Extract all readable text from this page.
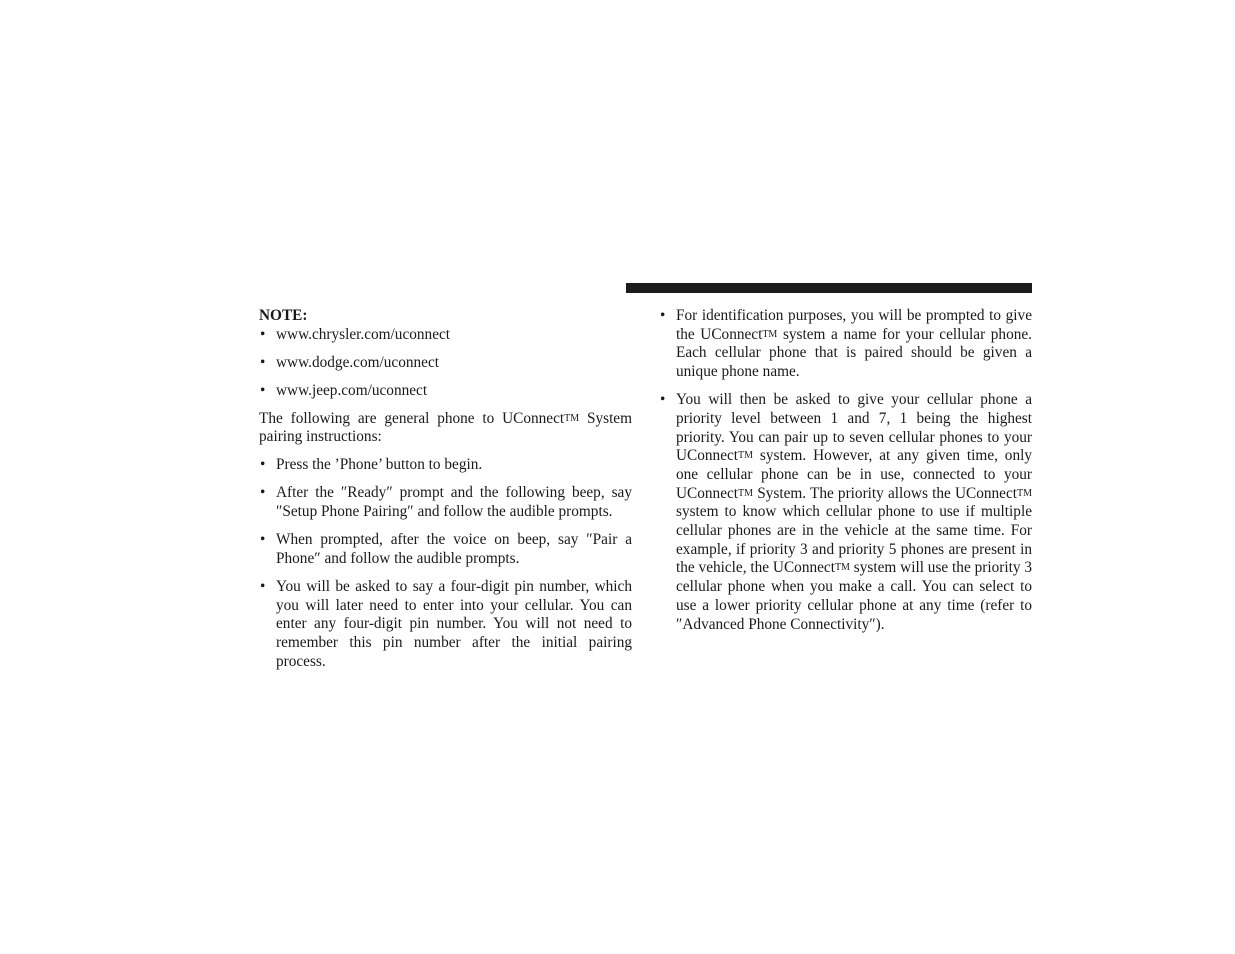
NOTE:

• www.chrysler.com/uconnect
• www.dodge.com/uconnect
• www.jeep.com/uconnect

The following are general phone to UConnectTM System pairing instructions:

• Press the ’Phone’ button to begin.
• After the ″Ready″ prompt and the following beep, say ″Setup Phone Pairing″ and follow the audible prompts.
• When prompted, after the voice on beep, say ″Pair a Phone″ and follow the audible prompts.
• You will be asked to say a four-digit pin number, which you will later need to enter into your cellular. You can enter any four-digit pin number. You will not need to remember this pin number after the initial pairing process.
• For identification purposes, you will be prompted to give the UConnectTM system a name for your cellular phone. Each cellular phone that is paired should be given a unique phone name.
• You will then be asked to give your cellular phone a priority level between 1 and 7, 1 being the highest priority. You can pair up to seven cellular phones to your UConnectTM system. However, at any given time, only one cellular phone can be in use, connected to your UConnectTM System. The priority allows the UConnectTM system to know which cellular phone to use if multiple cellular phones are in the vehicle at the same time. For example, if priority 3 and priority 5 phones are present in the vehicle, the UConnectTM system will use the priority 3 cellular phone when you make a call. You can select to use a lower priority cellular phone at any time (refer to ″Advanced Phone Connectivity″).
